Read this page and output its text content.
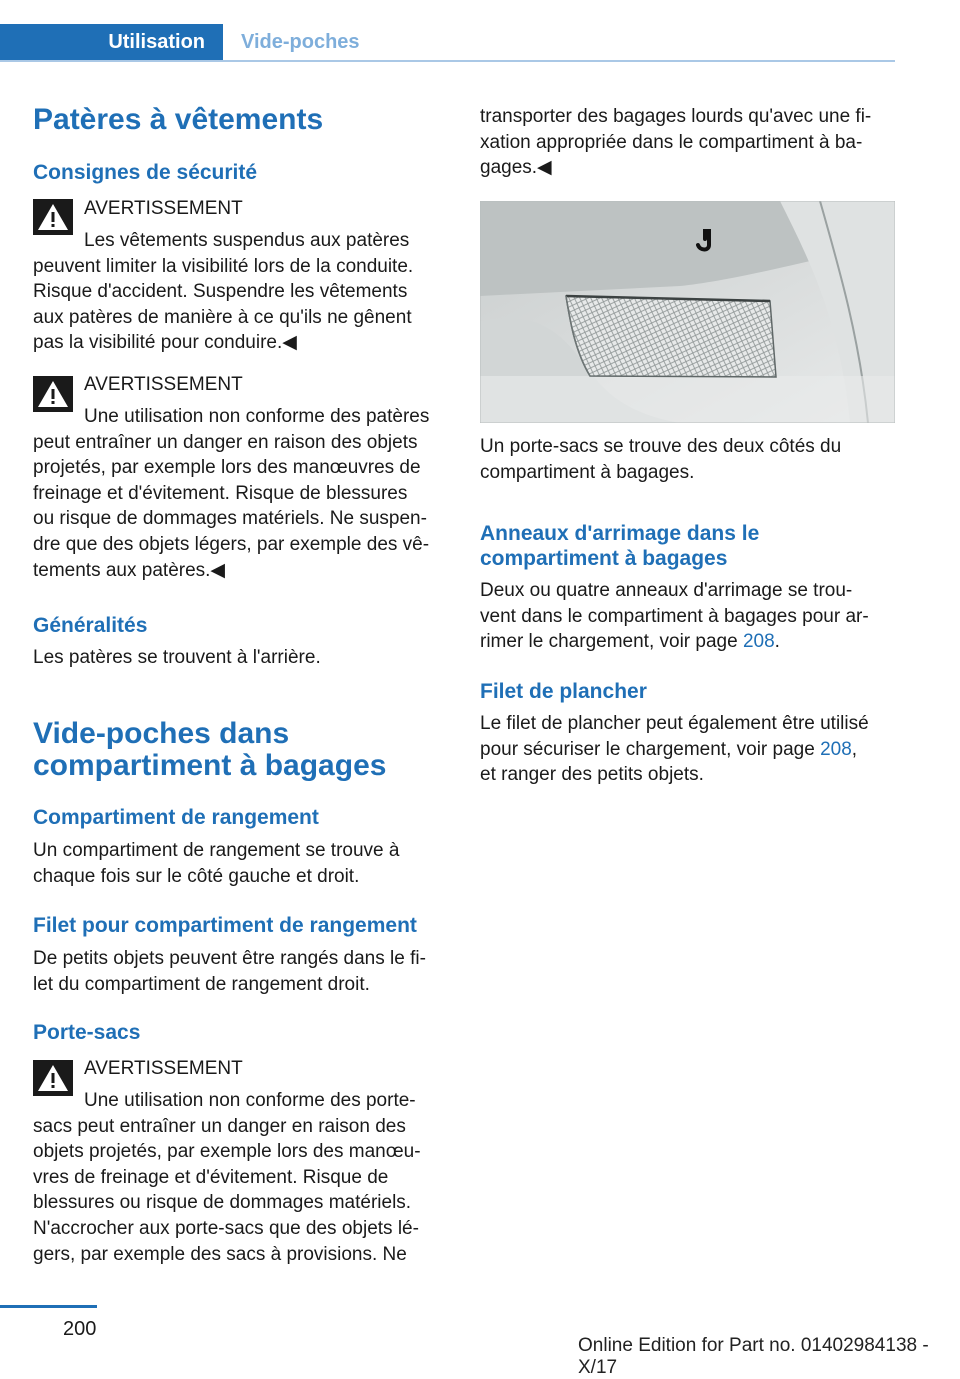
Utilisation Vide-poches
Patères à vêtements
Consignes de sécurité
AVERTISSEMENT
Les vêtements suspendus aux patères
peuvent limiter la visibilité lors de la conduite.
Risque d'accident. Suspendre les vêtements
aux patères de manière à ce qu'ils ne gênent
pas la visibilité pour conduire.◀
AVERTISSEMENT
Une utilisation non conforme des patères
peut entraîner un danger en raison des objets
projetés, par exemple lors des manœuvres de
freinage et d'évitement. Risque de blessures
ou risque de dommages matériels. Ne suspen‐
dre que des objets légers, par exemple des vê‐
tements aux patères.◀
Généralités
Les patères se trouvent à l'arrière.
Vide-poches dans
compartiment à bagages
Compartiment de rangement
Un compartiment de rangement se trouve à
chaque fois sur le côté gauche et droit.
Filet pour compartiment de rangement
De petits objets peuvent être rangés dans le fi‐
let du compartiment de rangement droit.
Porte-sacs
AVERTISSEMENT
Une utilisation non conforme des porte-
sacs peut entraîner un danger en raison des
objets projetés, par exemple lors des manœu‐
vres de freinage et d'évitement. Risque de
blessures ou risque de dommages matériels.
N'accrocher aux porte-sacs que des objets lé‐
gers, par exemple des sacs à provisions. Ne
transporter des bagages lourds qu'avec une fi‐
xation appropriée dans le compartiment à ba‐
gages.◀
Un porte-sacs se trouve des deux côtés du
compartiment à bagages.
Anneaux d'arrimage dans le
compartiment à bagages
Deux ou quatre anneaux d'arrimage se trou‐
vent dans le compartiment à bagages pour ar‐
rimer le chargement, voir page 208.
Filet de plancher
Le filet de plancher peut également être utilisé
pour sécuriser le chargement, voir page 208,
et ranger des petits objets.
200
Online Edition for Part no. 01402984138 - X/17
